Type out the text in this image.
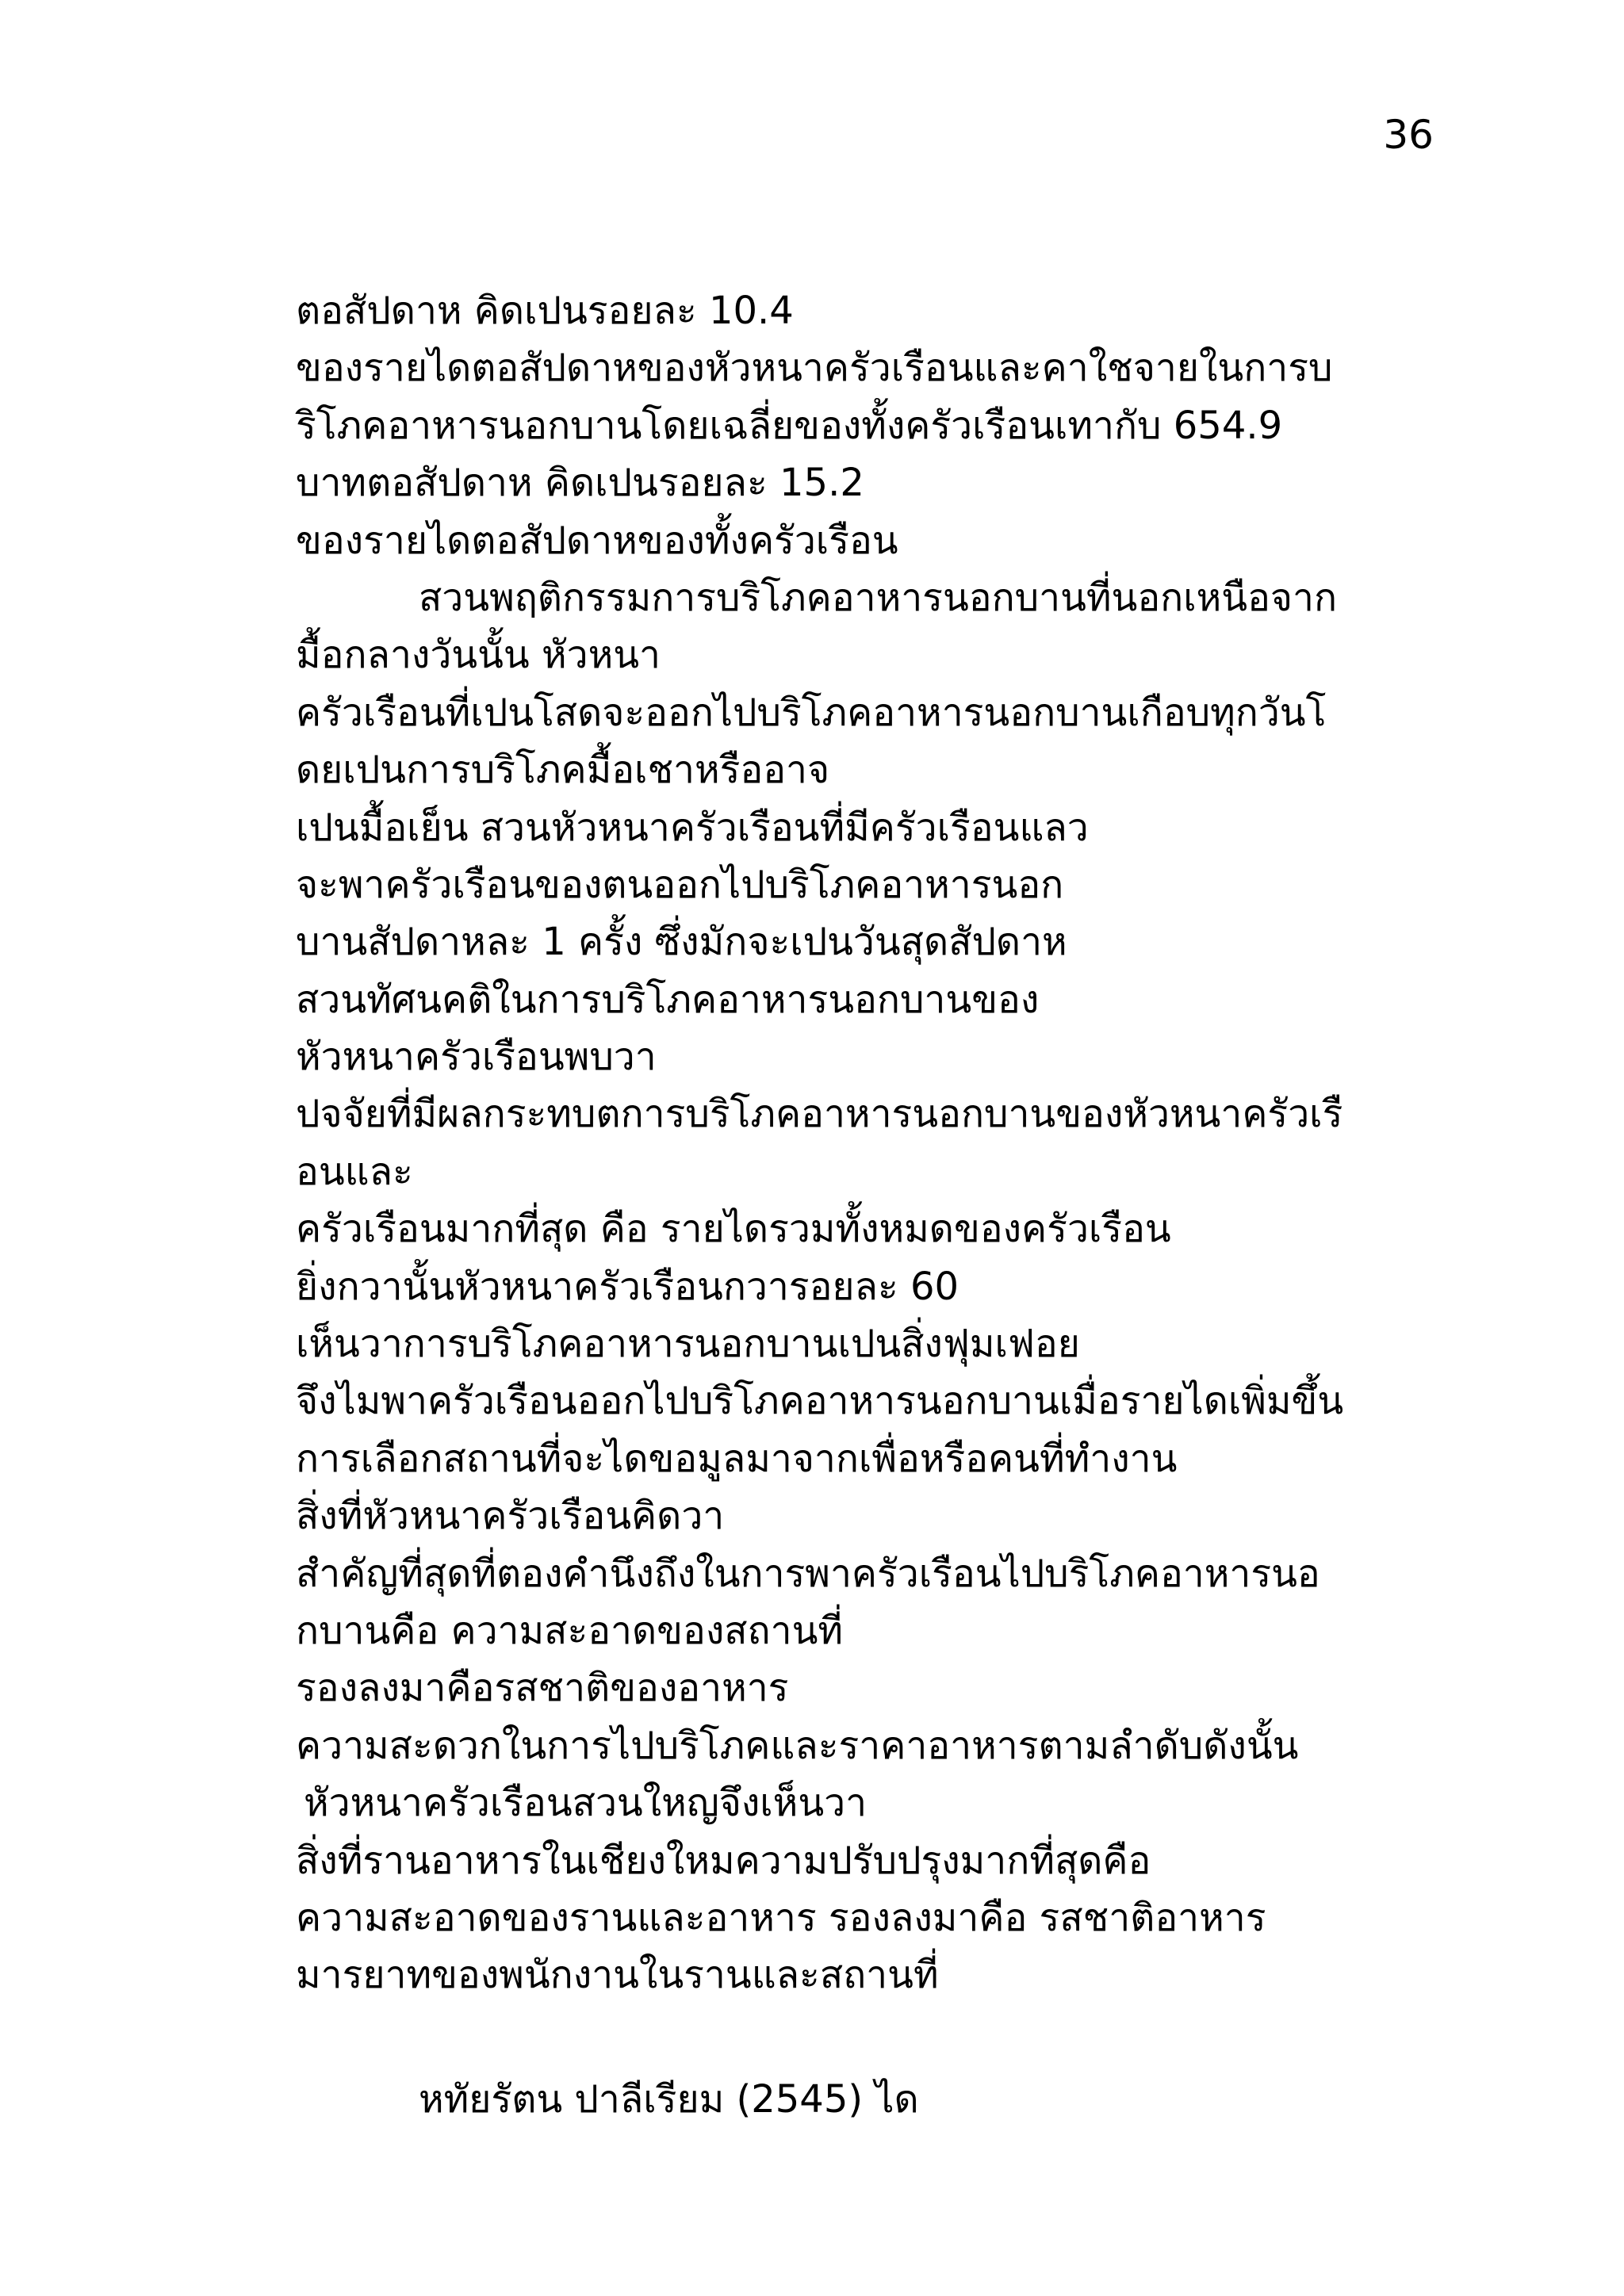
36
ตอสัปดาห คิดเปนรอยละ 10.4
ของรายไดตอสัปดาหของหัวหนาครัวเรือนและคาใชจายในการบ
ริโภคอาหารนอกบานโดยเฉลี่ยของทั้งครัวเรือนเทากับ 654.9
บาทตอสัปดาห คิดเปนรอยละ 15.2
ของรายไดตอสัปดาหของทั้งครัวเรือน
สวนพฤติกรรมการบริโภคอาหารนอกบานที่นอกเหนือจาก
มื้อกลางวันนั้น หัวหนา
ครัวเรือนที่เปนโสดจะออกไปบริโภคอาหารนอกบานเกือบทุกวันโ
ดยเปนการบริโภคมื้อเชาหรืออาจ
เปนมื้อเย็น สวนหัวหนาครัวเรือนที่มีครัวเรือนแลว
จะพาครัวเรือนของตนออกไปบริโภคอาหารนอก
บานสัปดาหละ 1 ครั้ง ซึ่งมักจะเปนวันสุดสัปดาห
สวนทัศนคติในการบริโภคอาหารนอกบานของ
หัวหนาครัวเรือนพบวา
ปจจัยที่มีผลกระทบตการบริโภคอาหารนอกบานของหัวหนาครัวเรื
อนและ
ครัวเรือนมากที่สุด คือ รายไดรวมทั้งหมดของครัวเรือน
ยิ่งกวานั้นหัวหนาครัวเรือนกวารอยละ 60
เห็นวาการบริโภคอาหารนอกบานเปนสิ่งฟุมเฟอย
จึงไมพาครัวเรือนออกไปบริโภคอาหารนอกบานเมื่อรายไดเพิ่มขึ้น
การเลือกสถานที่จะไดขอมูลมาจากเพื่อหรือคนที่ทำงาน
สิ่งที่หัวหนาครัวเรือนคิดวา
สำคัญที่สุดที่ตองคำนึงถึงในการพาครัวเรือนไปบริโภคอาหารนอ
กบานคือ ความสะอาดของสถานที่
รองลงมาคือรสชาติของอาหาร
ความสะดวกในการไปบริโภคและราคาอาหารตามลำดับดังนั้น
หัวหนาครัวเรือนสวนใหญจึงเห็นวา
สิ่งที่รานอาหารในเชียงใหมความปรับปรุงมากที่สุดคือ
ความสะอาดของรานและอาหาร รองลงมาคือ รสชาติอาหาร
มารยาทของพนักงานในรานและสถานที่
หทัยรัตน ปาลีเรียม (2545) ได
